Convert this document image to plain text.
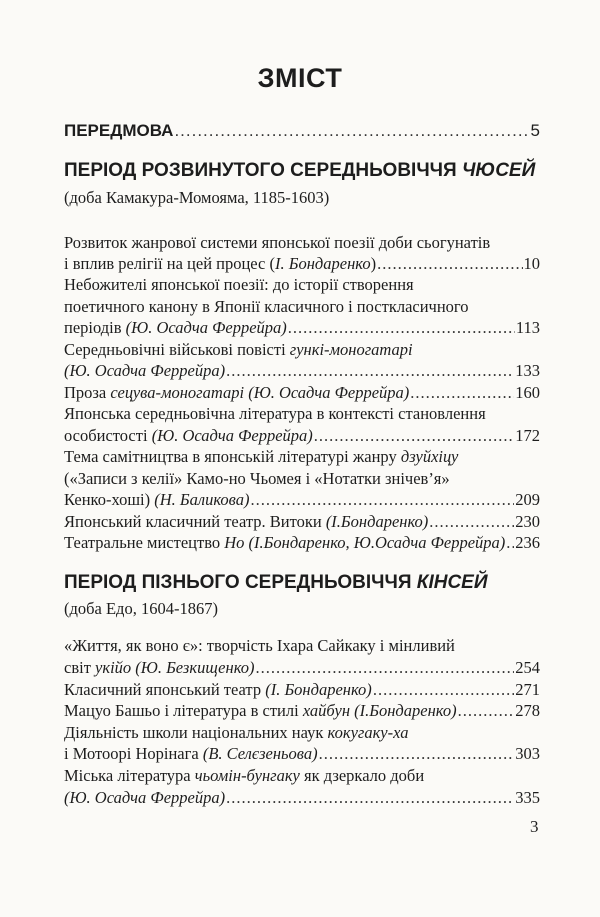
ЗМІСТ
ПЕРЕДМОВА .....	5
ПЕРІОД РОЗВИНУТОГО СЕРЕДНЬОВІЧЧЯ ЧЮСЕЙ
(доба Камакура-Момояма, 1185-1603)
Розвиток жанрової системи японської поезії доби сьогунатів
і вплив релігії на цей процес (І. Бондаренко) .....	10
Небожителі японської поезії: до історії створення
поетичного канону в Японії класичного і посткласичного
періодів (Ю. Осадча Феррейра) .....	113
Середньовічні військові повісті гункі-моногатарі
(Ю. Осадча Феррейра) .....	133
Проза сецува-моногатарі (Ю. Осадча Феррейра) .....	160
Японська середньовічна література в контексті становлення
особистості (Ю. Осадча Феррейра) .....	172
Тема самітництва в японській літературі жанру дзуйхіцу
(«Записи з келії» Камо-но Чьомея і «Нотатки знічев’я»
Кенко-хоші) (Н. Баликова) .....	209
Японський класичний театр. Витоки (І.Бондаренко) .....	230
Театральне мистецтво Но (І.Бондаренко, Ю.Осадча Феррейра) ..... 236
ПЕРІОД ПІЗНЬОГО СЕРЕДНЬОВІЧЧЯ КІНСЕЙ
(доба Едо, 1604-1867)
«Життя, як воно є»: творчість Іхара Сайкаку і мінливий
світ укійо (Ю. Безкищенко) .....	254
Класичний японський театр (І. Бондаренко) .....	271
Мацуо Башьо і література в стилі хайбун (І.Бондаренко) .....	278
Діяльність школи національних наук кокугаку-ха
і Мотоорі Норінага (В. Селєзеньова) .....	303
Міська література чьомін-бунгаку як дзеркало доби
(Ю. Осадча Феррейра) .....	335
3
